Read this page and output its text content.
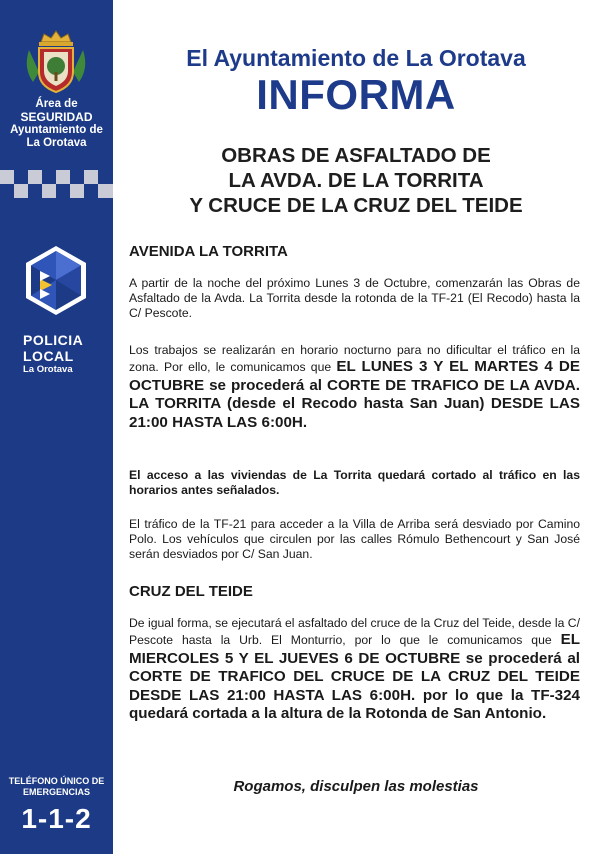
Área de
SEGURIDAD
Ayuntamiento de
La Orotava
POLICIA
LOCAL
La Orotava
TELÉFONO ÚNICO DE
EMERGENCIAS
1-1-2
El Ayuntamiento de La Orotava
INFORMA
OBRAS DE ASFALTADO DE
LA AVDA. DE LA TORRITA
Y CRUCE DE LA CRUZ DEL TEIDE
AVENIDA LA TORRITA

A partir de la noche del próximo Lunes 3 de Octubre, comenzarán las Obras de Asfaltado de la Avda. La Torrita desde la rotonda de la TF-21 (El Recodo) hasta la C/ Pescote.

Los trabajos se realizarán en horario nocturno para no dificultar el tráfico en la zona. Por ello, le comunicamos que EL LUNES 3 Y EL MARTES 4 DE OCTUBRE se procederá al CORTE DE TRAFICO DE LA AVDA. LA TORRITA (desde el Recodo hasta San Juan) DESDE LAS 21:00 HASTA LAS 6:00H.

El acceso a las viviendas de La Torrita quedará cortado al tráfico en las horarios antes señalados.

El tráfico de la TF-21 para acceder a la Villa de Arriba será desviado por Camino Polo. Los vehículos que circulen por las calles Rómulo Bethencourt y San José serán desviados por C/ San Juan.

CRUZ DEL TEIDE
De igual forma, se ejecutará el asfaltado del cruce de la Cruz del Teide, desde la C/ Pescote hasta la Urb. El Monturrio, por lo que le comunicamos que EL MIERCOLES 5 Y EL JUEVES 6 DE OCTUBRE se procederá al CORTE DE TRAFICO DEL CRUCE DE LA CRUZ DEL TEIDE DESDE LAS 21:00 HASTA LAS 6:00H. por lo que la TF-324 quedará cortada a la altura de la Rotonda de San Antonio.
Rogamos, disculpen las molestias
